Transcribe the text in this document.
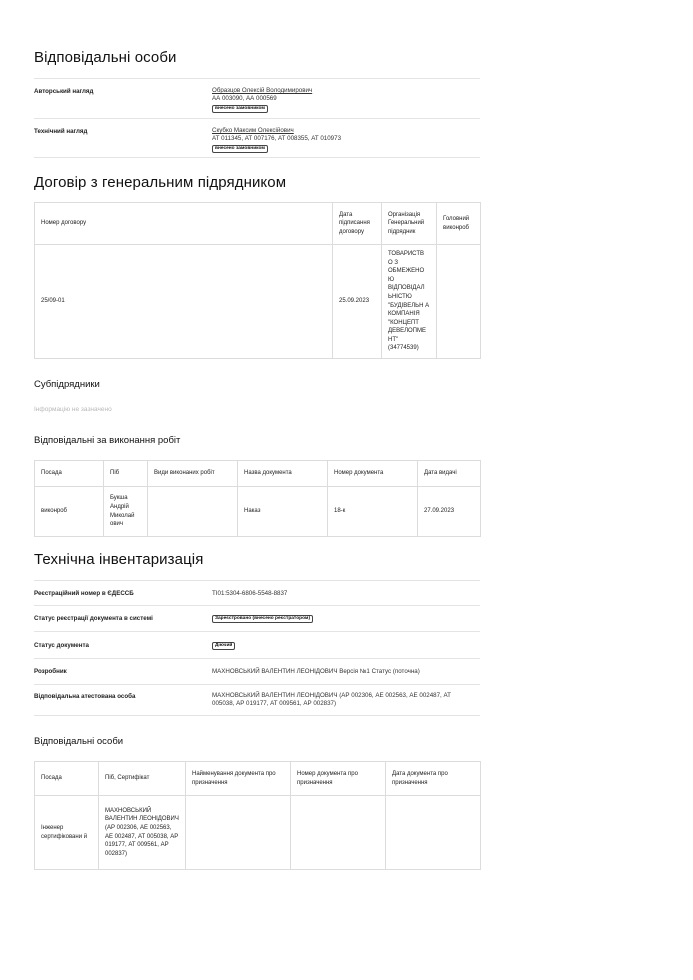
Відповідальні особи
Авторський нагляд	Образцов Олексій Володимирович
АА 003090, АА 000569
внесено замовником
Технічний нагляд	Скубко Максим Олексійович
АТ 011345, АТ 007176, АТ 008355, АТ 010973
внесено замовником
Договір з генеральним підрядником
Номер договору	Дата підписання договору	Організація Генеральний підрядник	Головний виконроб
25/09-01	25.09.2023	ТОВАРИСТВ О З ОБМЕЖЕНО Ю ВІДПОВІДАЛ ЬНІСТЮ "БУДІВЕЛЬН А КОМПАНІЯ "КОНЦЕПТ ДЕВЕЛОПМЕ НТ" (34774539)	
Субпідрядники
Інформацію не зазначено
Відповідальні за виконання робіт
Посада	Піб	Види виконаних робіт	Назва документа	Номер документа	Дата видачі
виконроб	Букша Андрій Миколай ович		Наказ	18-к	27.09.2023
Технічна інвентаризація
Реєстраційний номер в ЄДЕССБ	TI01:5304-6806-5548-8837
Статус реєстрації документа в системі	Зареєстровано (внесено реєстратором)
Статус документа	Діючий
Розробник	МАХНОВСЬКИЙ ВАЛЕНТИН ЛЕОНІДОВИЧ Версія №1 Статус (поточна)
Відповідальна атестована особа	МАХНОВСЬКИЙ ВАЛЕНТИН ЛЕОНІДОВИЧ (АР 002306, АЕ 002563, АЕ 002487, АТ 005038, АР 019177, АТ 009561, АР 002837)
Відповідальні особи
Посада	Піб, Сертифікат	Найменування документа про призначення	Номер документа про призначення	Дата документа про призначення
Інженер сертифіковани й	МАХНОВСЬКИЙ ВАЛЕНТИН ЛЕОНІДОВИЧ (АР 002306, АЕ 002563, АЕ 002487, АТ 005038, АР 019177, АТ 009561, АР 002837)			
